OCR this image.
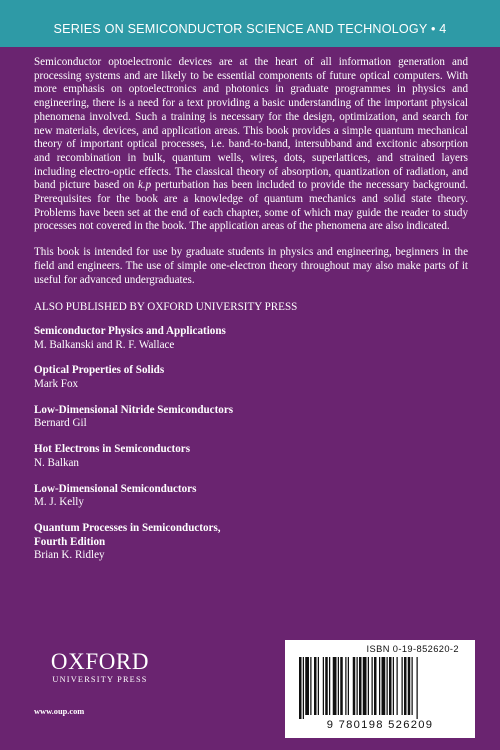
SERIES ON SEMICONDUCTOR SCIENCE AND TECHNOLOGY • 4

Semiconductor optoelectronic devices are at the heart of all information generation and processing systems and are likely to be essential components of future optical computers. With more emphasis on optoelectronics and photonics in graduate programmes in physics and engineering, there is a need for a text providing a basic understanding of the important physical phenomena involved. Such a training is necessary for the design, optimization, and search for new materials, devices, and application areas. This book provides a simple quantum mechanical theory of important optical processes, i.e. band-to-band, intersubband and excitonic absorption and recombination in bulk, quantum wells, wires, dots, superlattices, and strained layers including electro-optic effects. The classical theory of absorption, quantization of radiation, and band picture based on k.p perturbation has been included to provide the necessary background. Prerequisites for the book are a knowledge of quantum mechanics and solid state theory. Problems have been set at the end of each chapter, some of which may guide the reader to study processes not covered in the book. The application areas of the phenomena are also indicated.

This book is intended for use by graduate students in physics and engineering, beginners in the field and engineers. The use of simple one-electron theory throughout may also make parts of it useful for advanced undergraduates.

ALSO PUBLISHED BY OXFORD UNIVERSITY PRESS
Semiconductor Physics and Applications
M. Balkanski and R. F. Wallace
Optical Properties of Solids
Mark Fox
Low-Dimensional Nitride Semiconductors
Bernard Gil
Hot Electrons in Semiconductors
N. Balkan
Low-Dimensional Semiconductors
M. J. Kelly
Quantum Processes in Semiconductors,
Fourth Edition
Brian K. Ridley
OXFORD
UNIVERSITY PRESS
www.oup.com
ISBN 0-19-852620-2
9 780198 526209
